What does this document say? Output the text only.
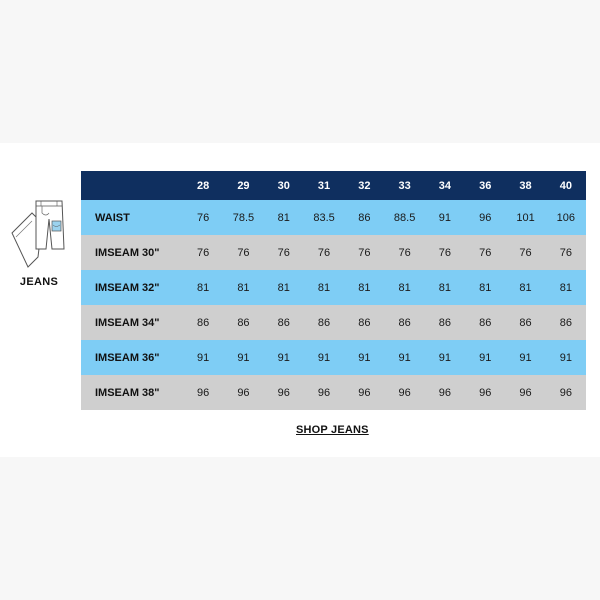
JEANS
	28	29	30	31	32	33	34	36	38	40
WAIST	76	78.5	81	83.5	86	88.5	91	96	101	106
IMSEAM 30"	76	76	76	76	76	76	76	76	76	76
IMSEAM 32"	81	81	81	81	81	81	81	81	81	81
IMSEAM 34"	86	86	86	86	86	86	86	86	86	86
IMSEAM 36"	91	91	91	91	91	91	91	91	91	91
IMSEAM 38"	96	96	96	96	96	96	96	96	96	96
SHOP JEANS
